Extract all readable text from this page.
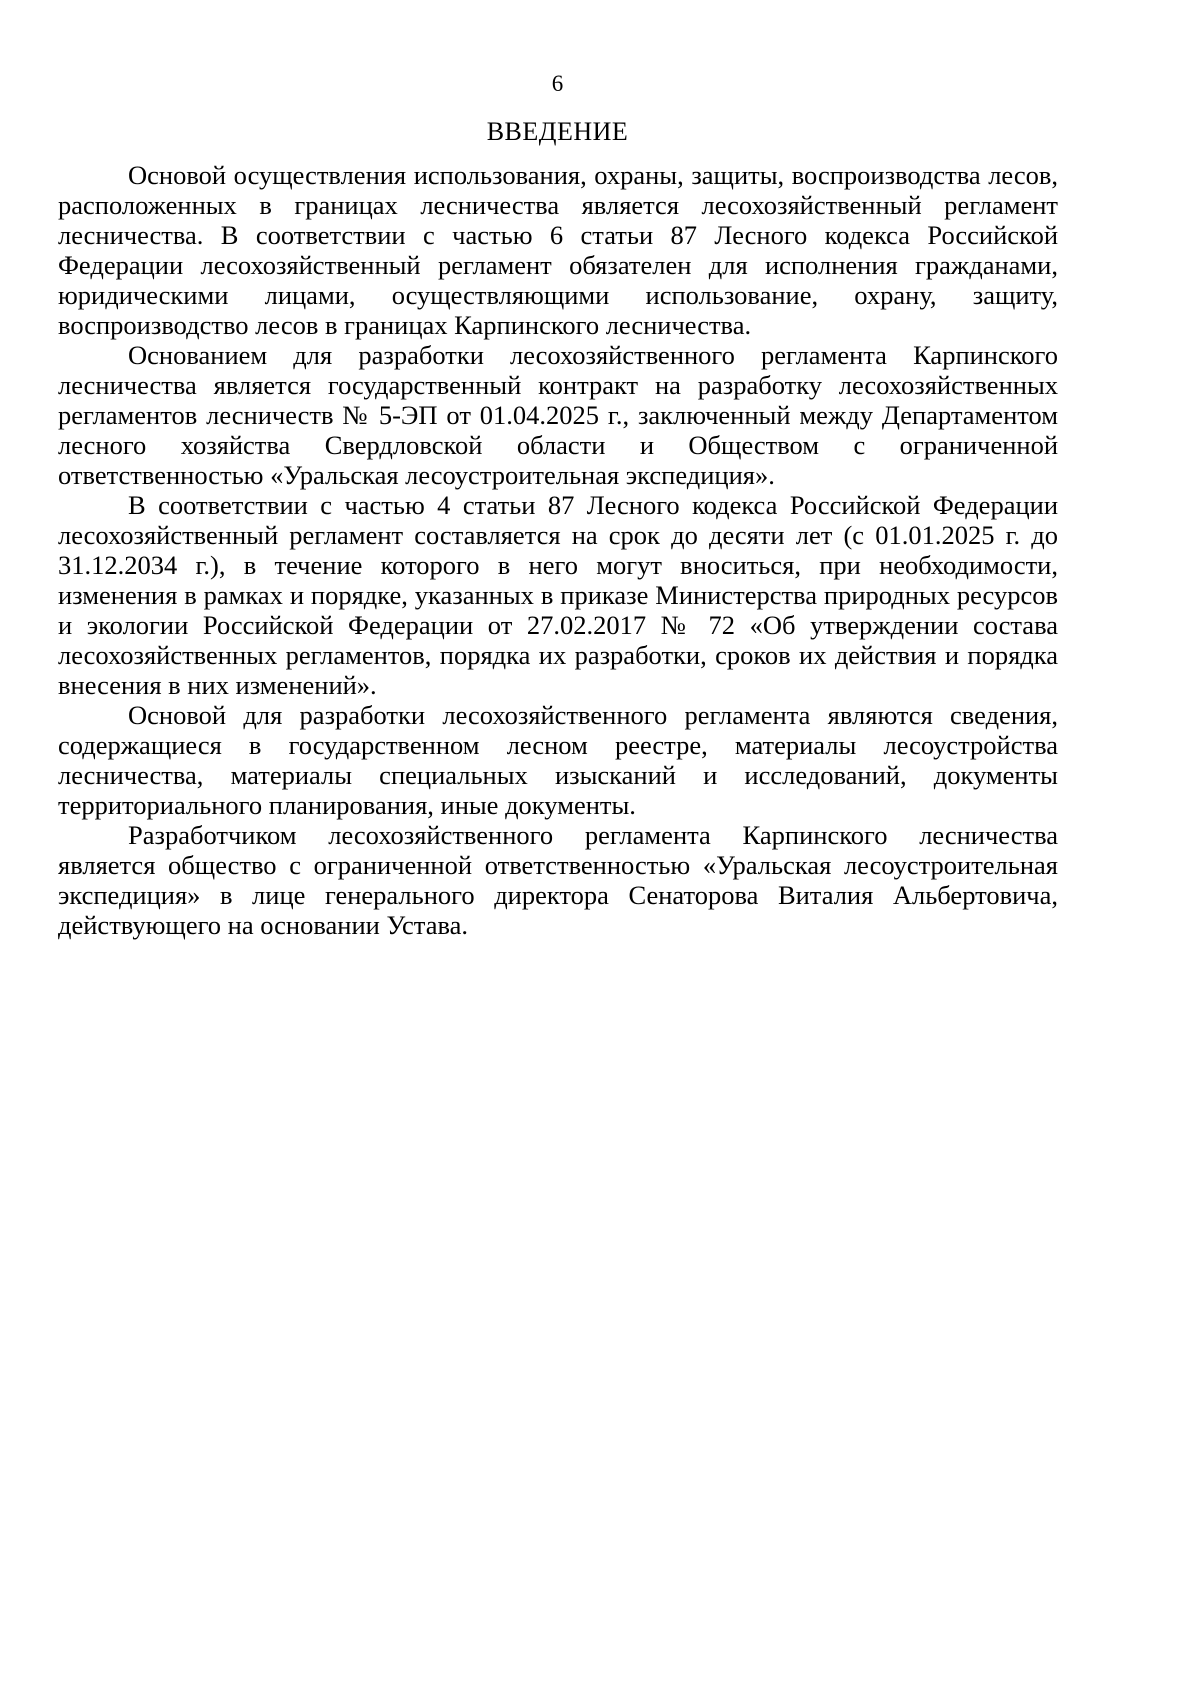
6
ВВЕДЕНИЕ

Основой осуществления использования, охраны, защиты, воспроизводства лесов, расположенных в границах лесничества является лесохозяйственный регламент лесничества. В соответствии с частью 6 статьи 87 Лесного кодекса Российской Федерации лесохозяйственный регламент обязателен для исполнения гражданами, юридическими лицами, осуществляющими использование, охрану, защиту, воспроизводство лесов в границах Карпинского лесничества.

Основанием для разработки лесохозяйственного регламента Карпинского лесничества является государственный контракт на разработку лесохозяйственных регламентов лесничеств № 5-ЭП от 01.04.2025 г., заключенный между Департаментом лесного хозяйства Свердловской области и Обществом с ограниченной ответственностью «Уральская лесоустроительная экспедиция».

В соответствии с частью 4 статьи 87 Лесного кодекса Российской Федерации лесохозяйственный регламент составляется на срок до десяти лет (с 01.01.2025 г. до 31.12.2034 г.), в течение которого в него могут вноситься, при необходимости, изменения в рамках и порядке, указанных в приказе Министерства природных ресурсов и экологии Российской Федерации от 27.02.2017 № 72 «Об утверждении состава лесохозяйственных регламентов, порядка их разработки, сроков их действия и порядка внесения в них изменений».

Основой для разработки лесохозяйственного регламента являются сведения, содержащиеся в государственном лесном реестре, материалы лесоустройства лесничества, материалы специальных изысканий и исследований, документы территориального планирования, иные документы.

Разработчиком лесохозяйственного регламента Карпинского лесничества является общество с ограниченной ответственностью «Уральская лесоустроительная экспедиция» в лице генерального директора Сенаторова Виталия Альбертовича, действующего на основании Устава.
